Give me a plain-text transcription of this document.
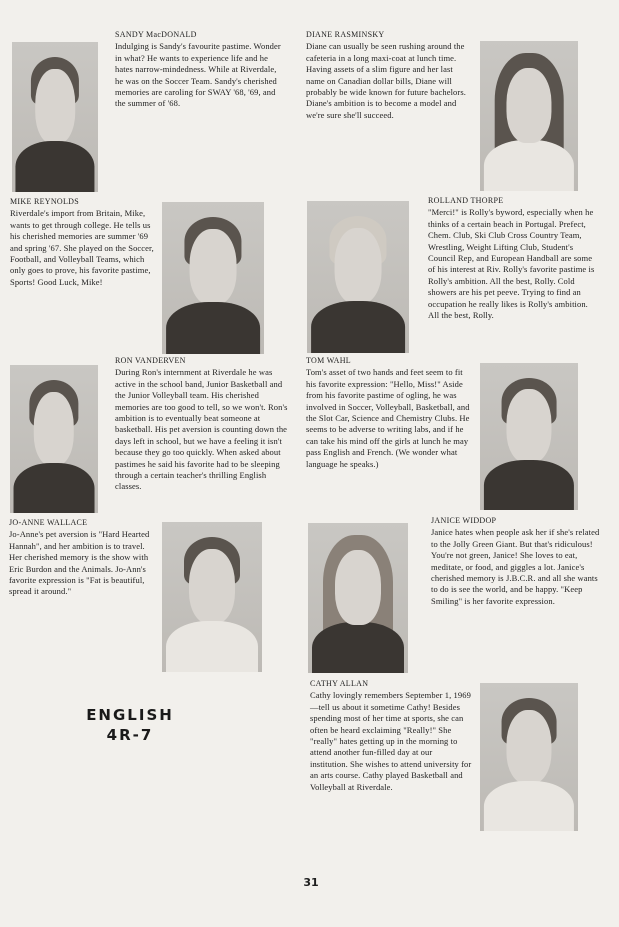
SANDY MacDONALD
Indulging is Sandy's favourite pastime. Wonder in what? He wants to experience life and he hates narrow-mindedness. While at Riverdale, he was on the Soccer Team. Sandy's cherished memories are caroling for SWAY '68, '69, and the summer of '68.
DIANE RASMINSKY
Diane can usually be seen rushing around the cafeteria in a long maxi-coat at lunch time. Having assets of a slim figure and her last name on Canadian dollar bills, Diane will probably be wide known for future bachelors. Diane's ambition is to become a model and we're sure she'll succeed.
MIKE REYNOLDS
Riverdale's import from Britain, Mike, wants to get through college. He tells us his cherished memories are summer '69 and spring '67. She played on the Soccer, Football, and Volleyball Teams, which only goes to prove, his favorite pastime, Sports! Good Luck, Mike!
ROLLAND THORPE
"Merci!" is Rolly's byword, especially when he thinks of a certain beach in Portugal. Prefect, Chem. Club, Ski Club Cross Country Team, Wrestling, Weight Lifting Club, Student's Council Rep, and European Handball are some of his interest at Riv. Rolly's favorite pastime is Rolly's ambition. All the best, Rolly. Cold showers are his pet peeve. Trying to find an occupation he really likes is Rolly's ambition. All the best, Rolly.
RON VANDERVEN
During Ron's internment at Riverdale he was active in the school band, Junior Basketball and the Junior Volleyball team. His cherished memories are too good to tell, so we won't. Ron's ambition is to eventually beat someone at basketball. His pet aversion is counting down the days left in school, but we have a feeling it isn't because they go too quickly. When asked about pastimes he said his favorite had to be sleeping through a certain teacher's thrilling English classes.
TOM WAHL
Tom's asset of two hands and feet seem to fit his favorite expression: "Hello, Miss!" Aside from his favorite pastime of ogling, he was involved in Soccer, Volleyball, Basketball, and the Slot Car, Science and Chemistry Clubs. He seems to be adverse to writing labs, and if he can take his mind off the girls at lunch he may pass English and French. (We wonder what language he speaks.)
JO-ANNE WALLACE
Jo-Anne's pet aversion is "Hard Hearted Hannah", and her ambition is to travel. Her cherished memory is the show with Eric Burdon and the Animals. Jo-Ann's favorite expression is "Fat is beautiful, spread it around."
JANICE WIDDOP
Janice hates when people ask her if she's related to the Jolly Green Giant. But that's ridiculous! You're not green, Janice! She loves to eat, meditate, or food, and giggles a lot. Janice's cherished memory is J.B.C.R. and all she wants to do is see the world, and be happy. "Keep Smiling" is her favorite expression.
ENGLISH
4R-7
CATHY ALLAN
Cathy lovingly remembers September 1, 1969—tell us about it sometime Cathy! Besides spending most of her time at sports, she can often be heard exclaiming "Really!" She "really" hates getting up in the morning to attend another fun-filled day at our institution. She wishes to attend university for an arts course. Cathy played Basketball and Volleyball at Riverdale.
31
